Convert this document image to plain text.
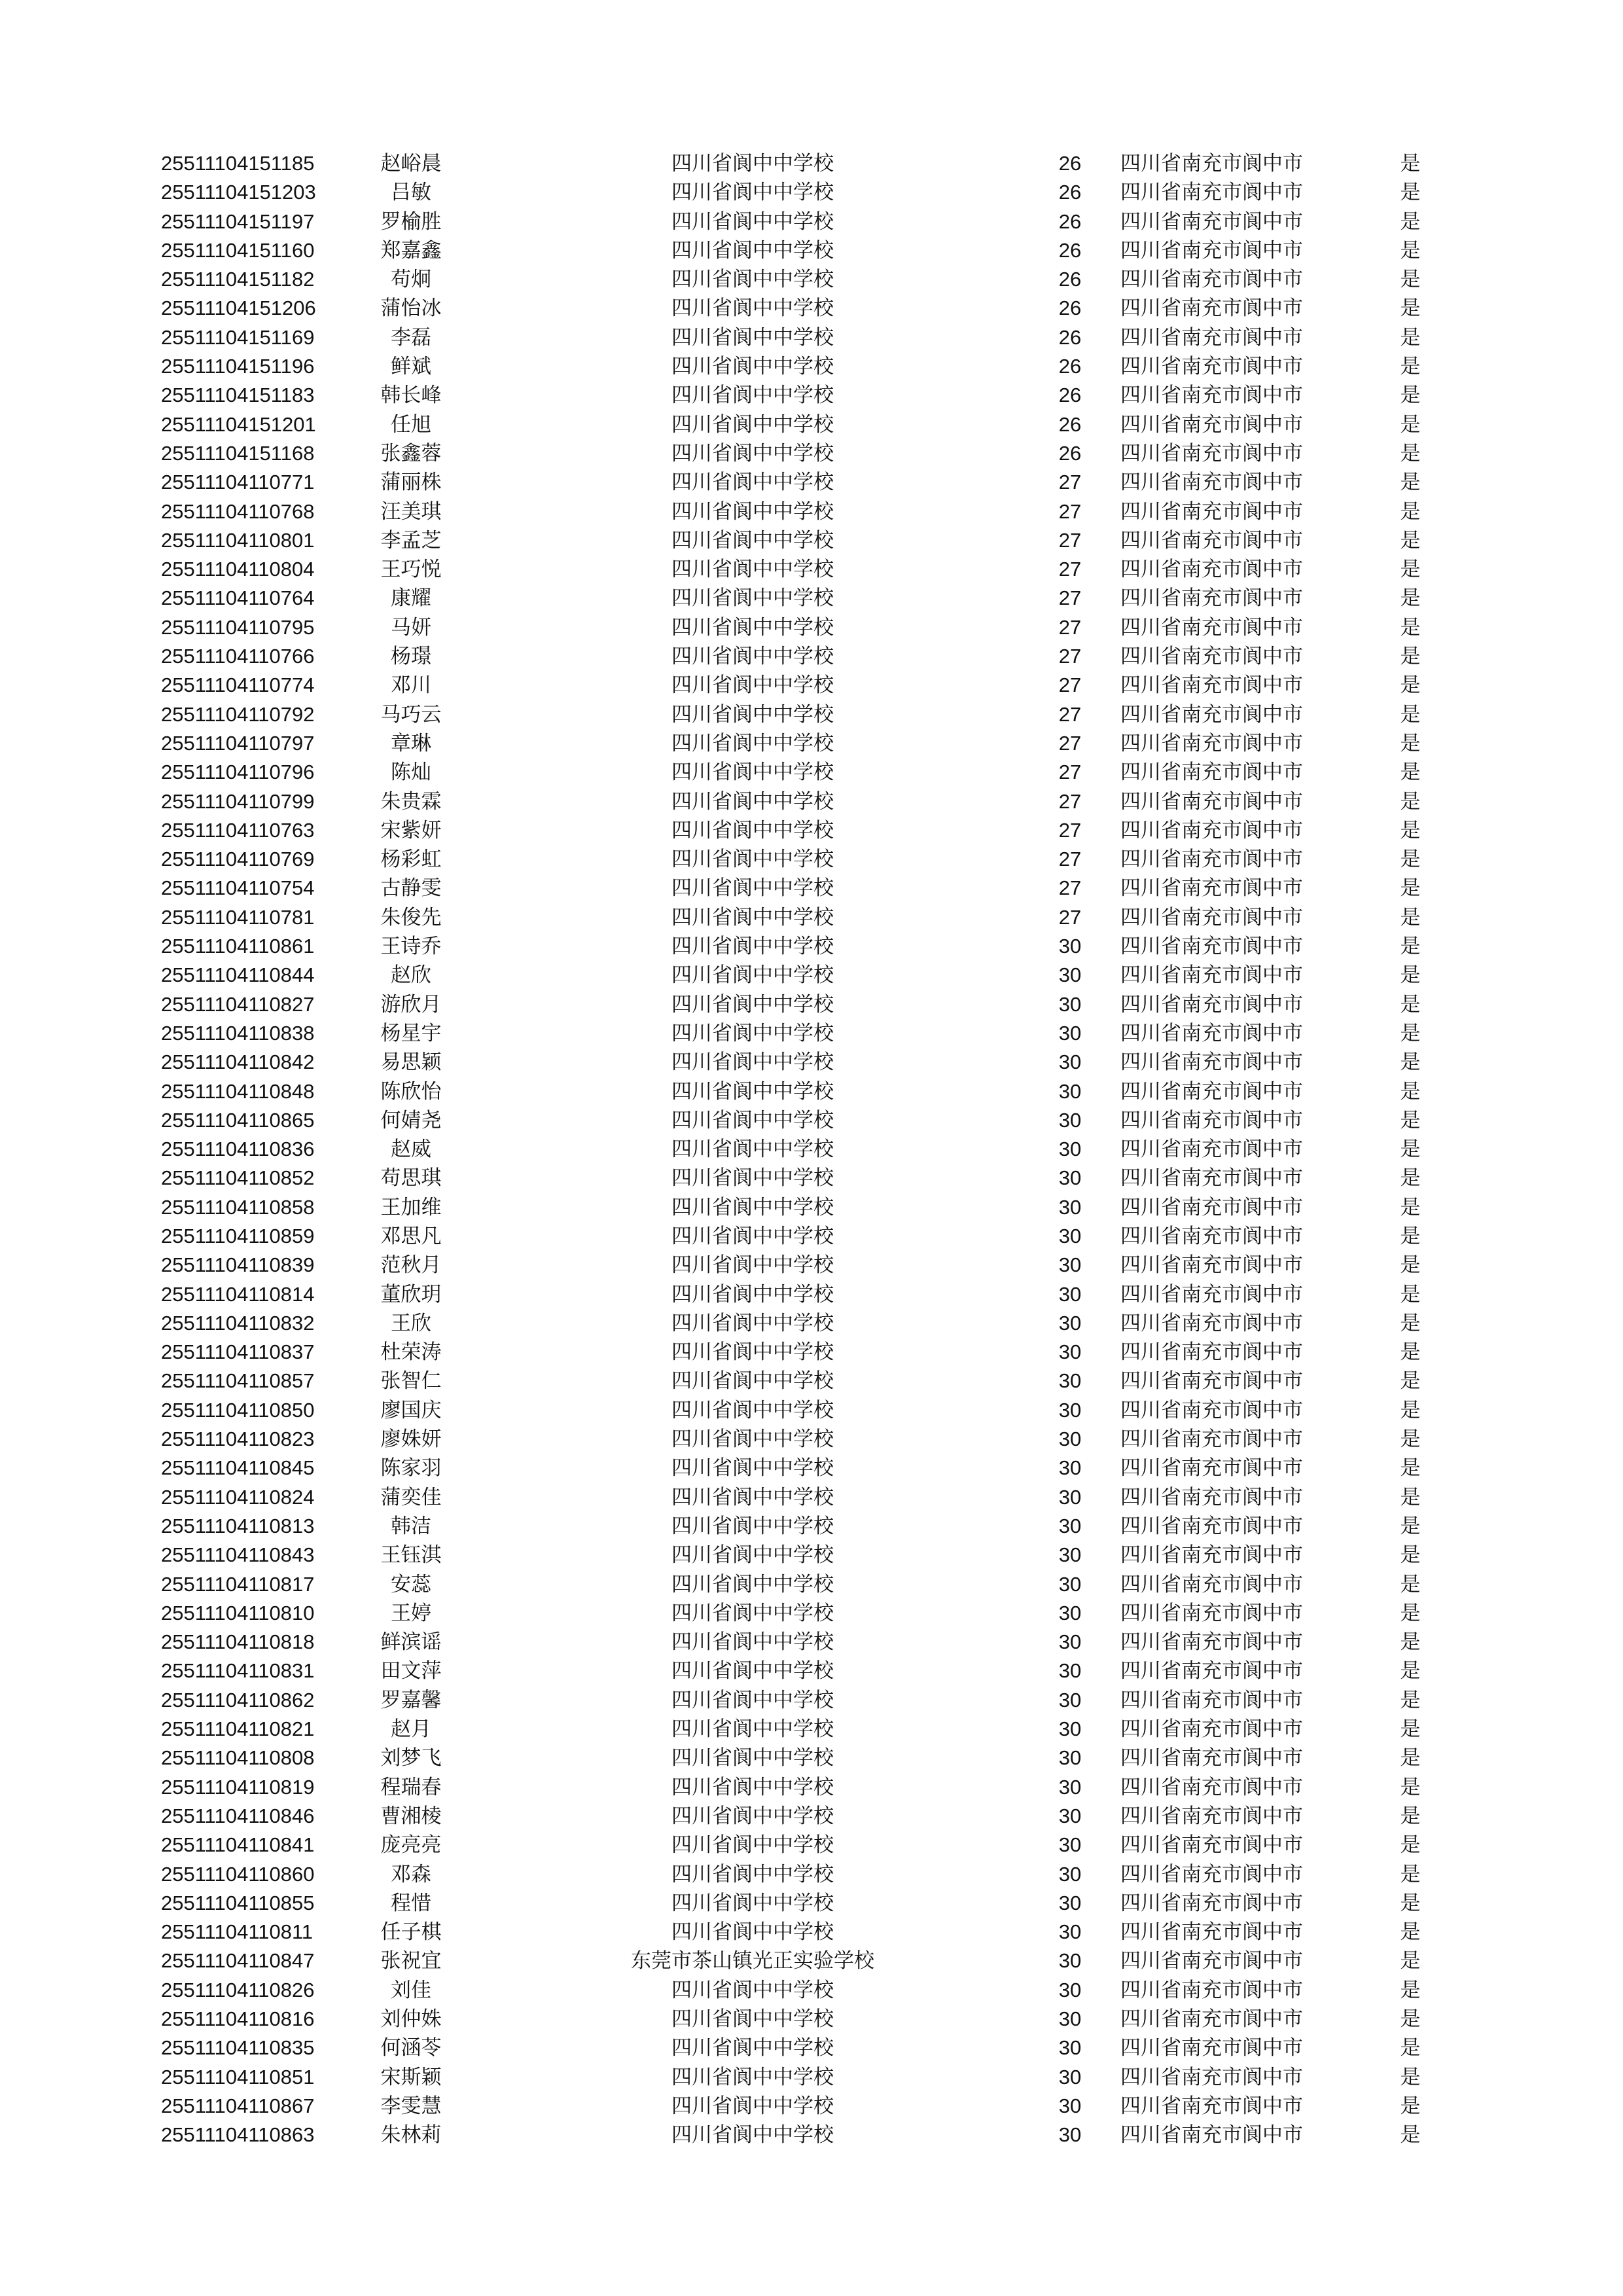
25511104151185	赵峪晨	四川省阆中中学校	26	四川省南充市阆中市	是
25511104151203	吕敏	四川省阆中中学校	26	四川省南充市阆中市	是
25511104151197	罗榆胜	四川省阆中中学校	26	四川省南充市阆中市	是
25511104151160	郑嘉鑫	四川省阆中中学校	26	四川省南充市阆中市	是
25511104151182	苟炯	四川省阆中中学校	26	四川省南充市阆中市	是
25511104151206	蒲怡冰	四川省阆中中学校	26	四川省南充市阆中市	是
25511104151169	李磊	四川省阆中中学校	26	四川省南充市阆中市	是
25511104151196	鲜斌	四川省阆中中学校	26	四川省南充市阆中市	是
25511104151183	韩长峰	四川省阆中中学校	26	四川省南充市阆中市	是
25511104151201	任旭	四川省阆中中学校	26	四川省南充市阆中市	是
25511104151168	张鑫蓉	四川省阆中中学校	26	四川省南充市阆中市	是
25511104110771	蒲丽株	四川省阆中中学校	27	四川省南充市阆中市	是
25511104110768	汪美琪	四川省阆中中学校	27	四川省南充市阆中市	是
25511104110801	李孟芝	四川省阆中中学校	27	四川省南充市阆中市	是
25511104110804	王巧悦	四川省阆中中学校	27	四川省南充市阆中市	是
25511104110764	康耀	四川省阆中中学校	27	四川省南充市阆中市	是
25511104110795	马妍	四川省阆中中学校	27	四川省南充市阆中市	是
25511104110766	杨璟	四川省阆中中学校	27	四川省南充市阆中市	是
25511104110774	邓川	四川省阆中中学校	27	四川省南充市阆中市	是
25511104110792	马巧云	四川省阆中中学校	27	四川省南充市阆中市	是
25511104110797	章琳	四川省阆中中学校	27	四川省南充市阆中市	是
25511104110796	陈灿	四川省阆中中学校	27	四川省南充市阆中市	是
25511104110799	朱贵霖	四川省阆中中学校	27	四川省南充市阆中市	是
25511104110763	宋紫妍	四川省阆中中学校	27	四川省南充市阆中市	是
25511104110769	杨彩虹	四川省阆中中学校	27	四川省南充市阆中市	是
25511104110754	古静雯	四川省阆中中学校	27	四川省南充市阆中市	是
25511104110781	朱俊先	四川省阆中中学校	27	四川省南充市阆中市	是
25511104110861	王诗乔	四川省阆中中学校	30	四川省南充市阆中市	是
25511104110844	赵欣	四川省阆中中学校	30	四川省南充市阆中市	是
25511104110827	游欣月	四川省阆中中学校	30	四川省南充市阆中市	是
25511104110838	杨星宇	四川省阆中中学校	30	四川省南充市阆中市	是
25511104110842	易思颖	四川省阆中中学校	30	四川省南充市阆中市	是
25511104110848	陈欣怡	四川省阆中中学校	30	四川省南充市阆中市	是
25511104110865	何婧尧	四川省阆中中学校	30	四川省南充市阆中市	是
25511104110836	赵威	四川省阆中中学校	30	四川省南充市阆中市	是
25511104110852	苟思琪	四川省阆中中学校	30	四川省南充市阆中市	是
25511104110858	王加维	四川省阆中中学校	30	四川省南充市阆中市	是
25511104110859	邓思凡	四川省阆中中学校	30	四川省南充市阆中市	是
25511104110839	范秋月	四川省阆中中学校	30	四川省南充市阆中市	是
25511104110814	董欣玥	四川省阆中中学校	30	四川省南充市阆中市	是
25511104110832	王欣	四川省阆中中学校	30	四川省南充市阆中市	是
25511104110837	杜荣涛	四川省阆中中学校	30	四川省南充市阆中市	是
25511104110857	张智仁	四川省阆中中学校	30	四川省南充市阆中市	是
25511104110850	廖国庆	四川省阆中中学校	30	四川省南充市阆中市	是
25511104110823	廖姝妍	四川省阆中中学校	30	四川省南充市阆中市	是
25511104110845	陈家羽	四川省阆中中学校	30	四川省南充市阆中市	是
25511104110824	蒲奕佳	四川省阆中中学校	30	四川省南充市阆中市	是
25511104110813	韩洁	四川省阆中中学校	30	四川省南充市阆中市	是
25511104110843	王钰淇	四川省阆中中学校	30	四川省南充市阆中市	是
25511104110817	安蕊	四川省阆中中学校	30	四川省南充市阆中市	是
25511104110810	王婷	四川省阆中中学校	30	四川省南充市阆中市	是
25511104110818	鲜滨谣	四川省阆中中学校	30	四川省南充市阆中市	是
25511104110831	田文萍	四川省阆中中学校	30	四川省南充市阆中市	是
25511104110862	罗嘉馨	四川省阆中中学校	30	四川省南充市阆中市	是
25511104110821	赵月	四川省阆中中学校	30	四川省南充市阆中市	是
25511104110808	刘梦飞	四川省阆中中学校	30	四川省南充市阆中市	是
25511104110819	程瑞春	四川省阆中中学校	30	四川省南充市阆中市	是
25511104110846	曹湘棱	四川省阆中中学校	30	四川省南充市阆中市	是
25511104110841	庞亮亮	四川省阆中中学校	30	四川省南充市阆中市	是
25511104110860	邓森	四川省阆中中学校	30	四川省南充市阆中市	是
25511104110855	程惜	四川省阆中中学校	30	四川省南充市阆中市	是
25511104110811	任子棋	四川省阆中中学校	30	四川省南充市阆中市	是
25511104110847	张祝宜	东莞市茶山镇光正实验学校	30	四川省南充市阆中市	是
25511104110826	刘佳	四川省阆中中学校	30	四川省南充市阆中市	是
25511104110816	刘仲姝	四川省阆中中学校	30	四川省南充市阆中市	是
25511104110835	何涵苓	四川省阆中中学校	30	四川省南充市阆中市	是
25511104110851	宋斯颖	四川省阆中中学校	30	四川省南充市阆中市	是
25511104110867	李雯慧	四川省阆中中学校	30	四川省南充市阆中市	是
25511104110863	朱林莉	四川省阆中中学校	30	四川省南充市阆中市	是
